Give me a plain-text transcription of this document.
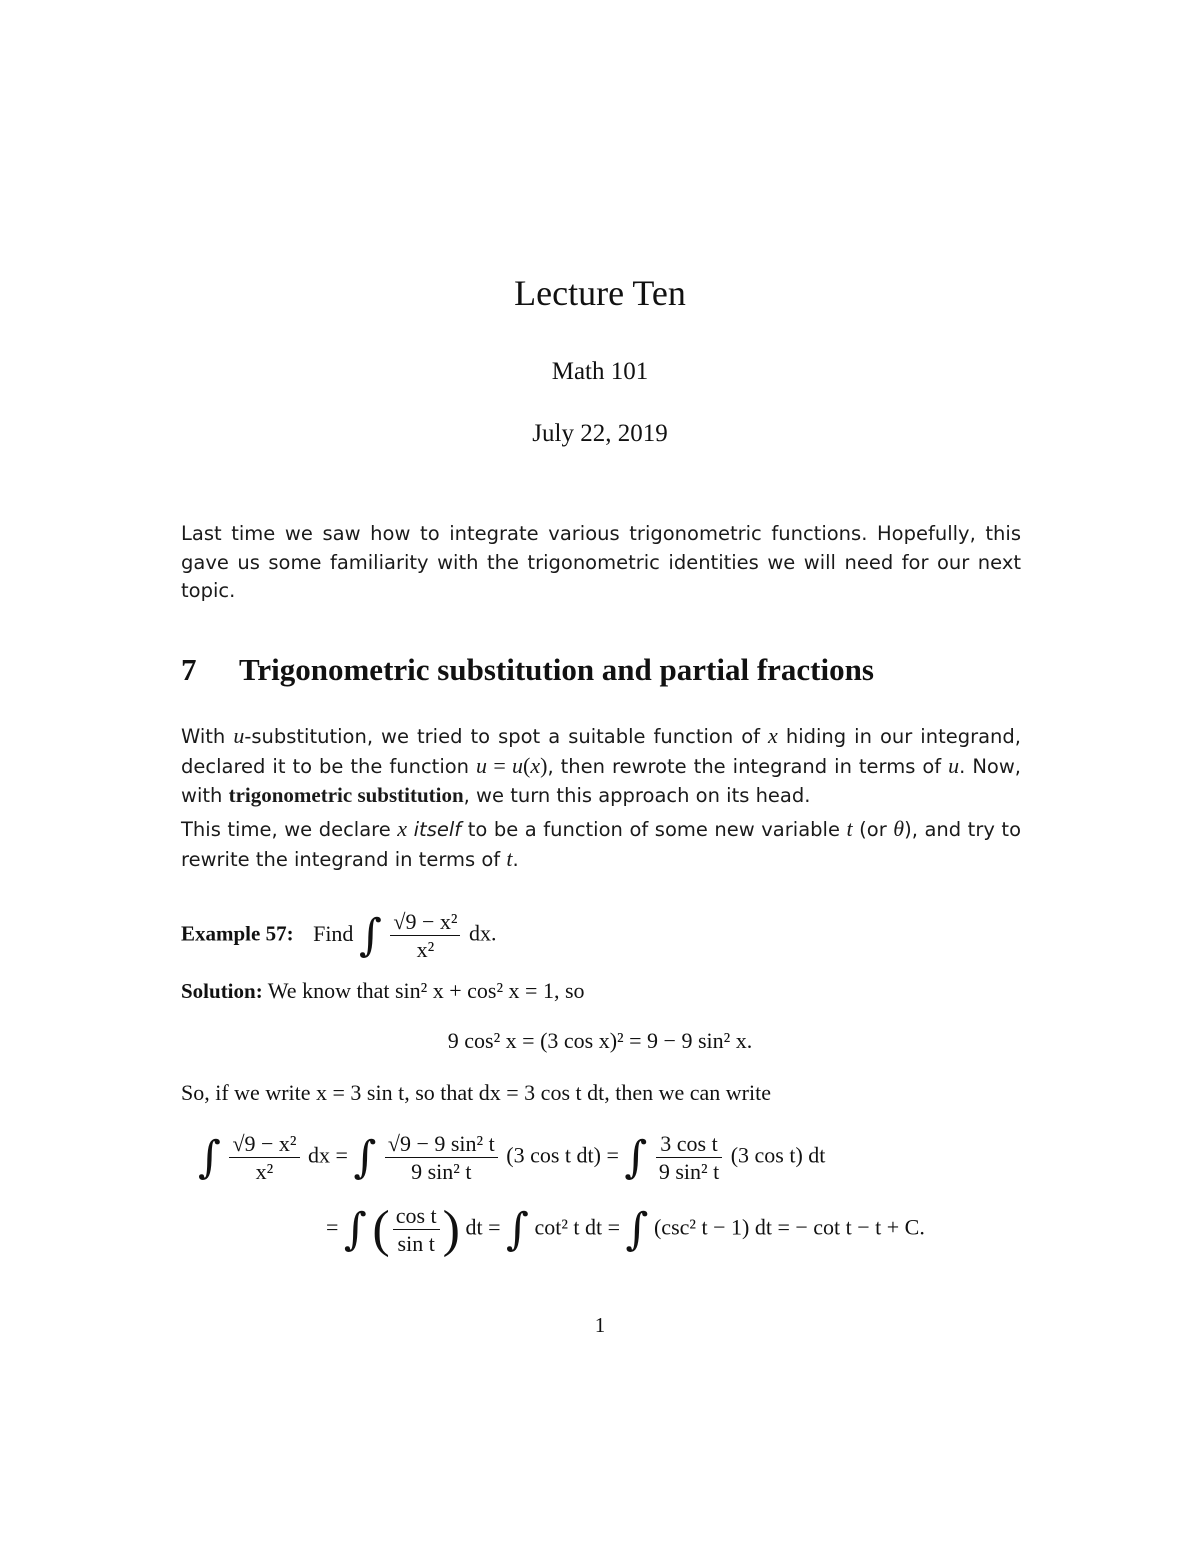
Lecture Ten
Math 101
July 22, 2019
Last time we saw how to integrate various trigonometric functions. Hopefully, this gave us some familiarity with the trigonometric identities we will need for our next topic.
7 Trigonometric substitution and partial fractions
With u-substitution, we tried to spot a suitable function of x hiding in our integrand, declared it to be the function u = u(x), then rewrote the integrand in terms of u. Now, with trigonometric substitution, we turn this approach on its head.
This time, we declare x itself to be a function of some new variable t (or θ), and try to rewrite the integrand in terms of t.
Example 57: Find ∫ $\frac{\text{√9 − x²}}{\text{x²}}$ dx.
Solution: We know that sin² x + cos² x = 1, so
9 cos² x = (3 cos x)² = 9 − 9 sin² x.
So, if we write x = 3 sin t, so that dx = 3 cos t dt, then we can write
∫ $\frac{\text{√9 − x²}}{\text{x²}}$ dx = ∫ $\frac{\text{√9 − 9 sin² t}}{\text{9 sin² t}} (3$ cos t dt) = ∫ $\frac{\text{3 cos t}}{\text{9 sin² t}} (3$ cos t) dt
= ∫ ( $\frac{\text{cos t}}{\text{sin t}}$ ) dt = ∫ cot² t dt = ∫ (csc² t − 1) dt = − cot t − t + C.
1
